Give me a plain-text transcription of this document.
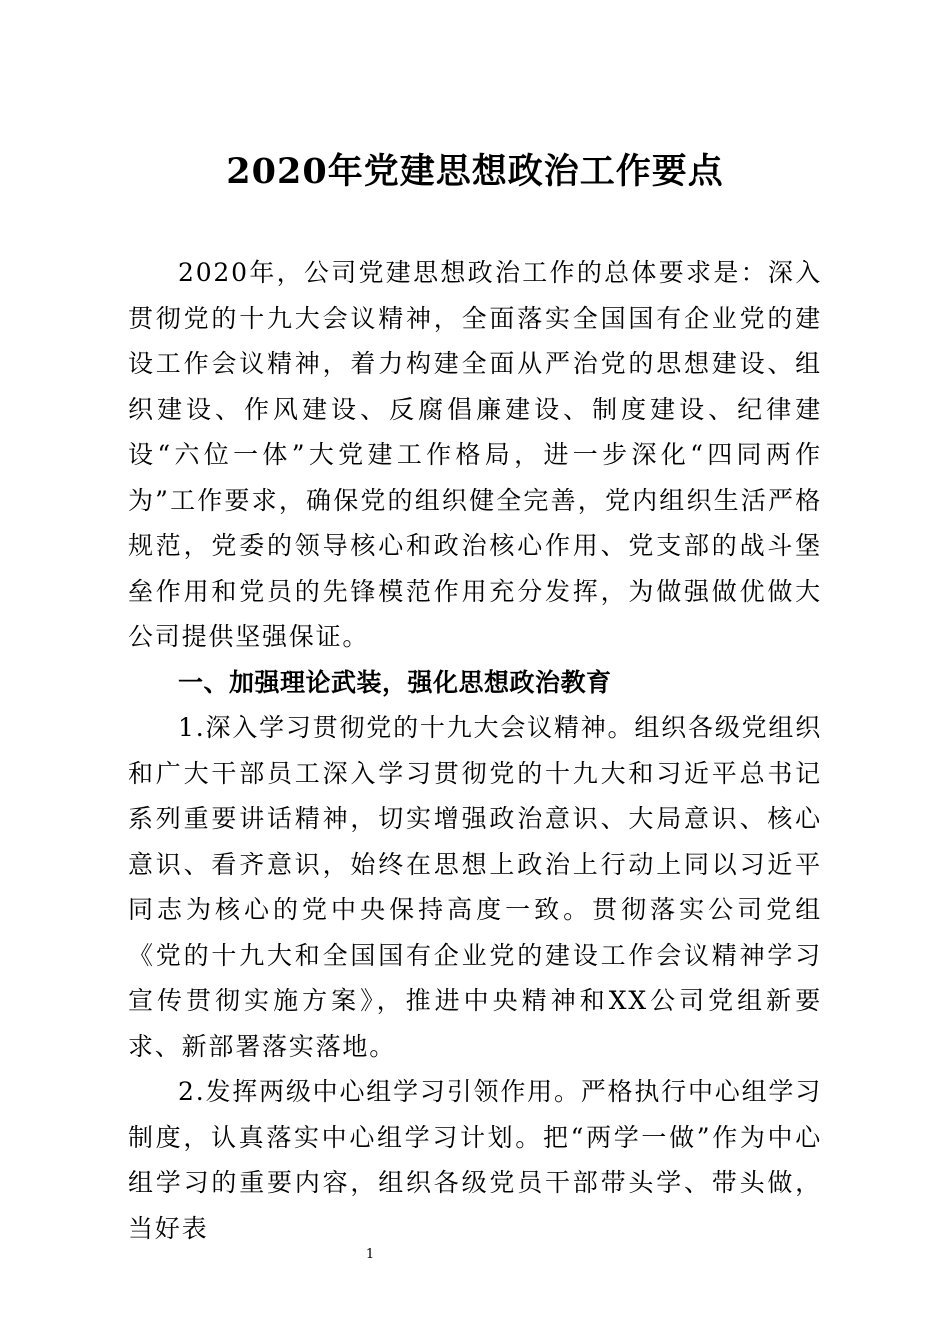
2020年党建思想政治工作要点

2020年，公司党建思想政治工作的总体要求是：深入贯彻党的十九大会议精神，全面落实全国国有企业党的建设工作会议精神，着力构建全面从严治党的思想建设、组织建设、作风建设、反腐倡廉建设、制度建设、纪律建设“六位一体”大党建工作格局，进一步深化“四同两作为”工作要求，确保党的组织健全完善，党内组织生活严格规范，党委的领导核心和政治核心作用、党支部的战斗堡垒作用和党员的先锋模范作用充分发挥，为做强做优做大公司提供坚强保证。

一、加强理论武装，强化思想政治教育

1.深入学习贯彻党的十九大会议精神。组织各级党组织和广大干部员工深入学习贯彻党的十九大和习近平总书记系列重要讲话精神，切实增强政治意识、大局意识、核心意识、看齐意识，始终在思想上政治上行动上同以习近平同志为核心的党中央保持高度一致。贯彻落实公司党组《党的十九大和全国国有企业党的建设工作会议精神学习宣传贯彻实施方案》，推进中央精神和XX公司党组新要求、新部署落实落地。

2.发挥两级中心组学习引领作用。严格执行中心组学习制度，认真落实中心组学习计划。把“两学一做”作为中心组学习的重要内容，组织各级党员干部带头学、带头做，当好表

1
